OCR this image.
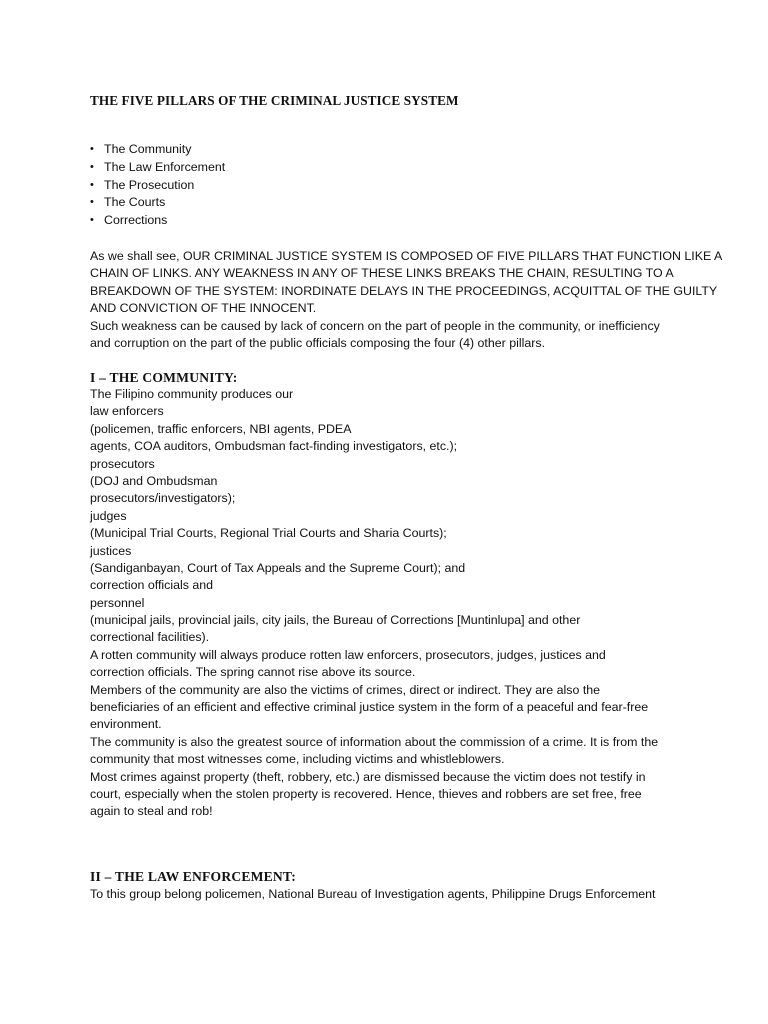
THE FIVE PILLARS OF THE CRIMINAL JUSTICE SYSTEM
• The Community
• The Law Enforcement
• The Prosecution
• The Courts
• Corrections
As we shall see, OUR CRIMINAL JUSTICE SYSTEM IS COMPOSED OF FIVE PILLARS THAT FUNCTION LIKE A
CHAIN OF LINKS. ANY WEAKNESS IN ANY OF THESE LINKS BREAKS THE CHAIN, RESULTING TO A
BREAKDOWN OF THE SYSTEM: INORDINATE DELAYS IN THE PROCEEDINGS, ACQUITTAL OF THE GUILTY
AND CONVICTION OF THE INNOCENT.
Such weakness can be caused by lack of concern on the part of people in the community, or inefficiency
and corruption on the part of the public officials composing the four (4) other pillars.
I – THE COMMUNITY:
The Filipino community produces our
law enforcers
(policemen, traffic enforcers, NBI agents, PDEA
agents, COA auditors, Ombudsman fact-finding investigators, etc.);
prosecutors
(DOJ and Ombudsman
prosecutors/investigators);
judges
(Municipal Trial Courts, Regional Trial Courts and Sharia Courts);
justices
(Sandiganbayan, Court of Tax Appeals and the Supreme Court); and
correction officials and
personnel
(municipal jails, provincial jails, city jails, the Bureau of Corrections [Muntinlupa] and other
correctional facilities).
A rotten community will always produce rotten law enforcers, prosecutors, judges, justices and
correction officials. The spring cannot rise above its source.
Members of the community are also the victims of crimes, direct or indirect. They are also the
beneficiaries of an efficient and effective criminal justice system in the form of a peaceful and fear-free
environment.
The community is also the greatest source of information about the commission of a crime. It is from the
community that most witnesses come, including victims and whistleblowers.
Most crimes against property (theft, robbery, etc.) are dismissed because the victim does not testify in
court, especially when the stolen property is recovered. Hence, thieves and robbers are set free, free
again to steal and rob!
II – THE LAW ENFORCEMENT:
To this group belong policemen, National Bureau of Investigation agents, Philippine Drugs Enforcement
